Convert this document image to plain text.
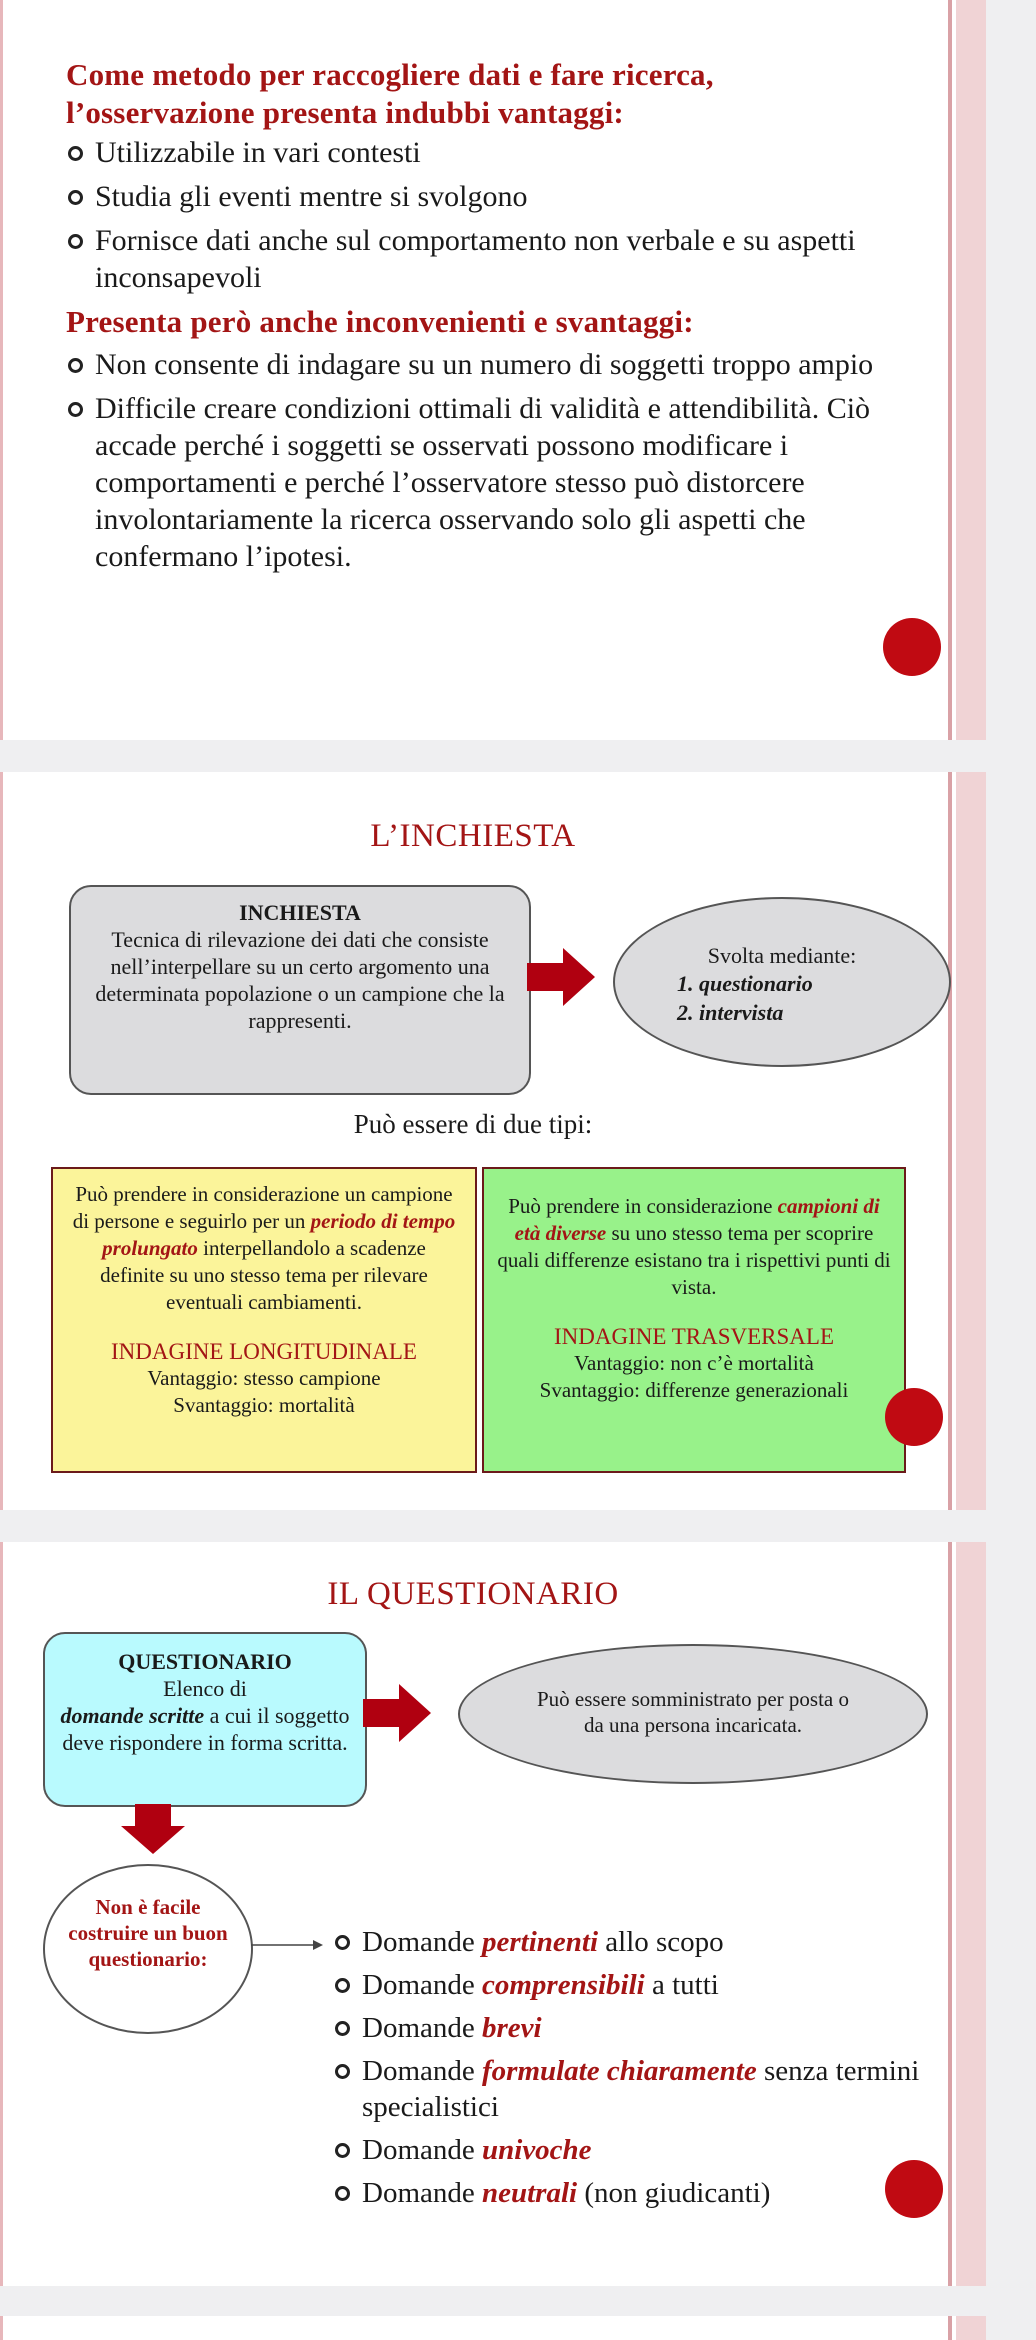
Come metodo per raccogliere dati e fare ricerca,
l’osservazione presenta indubbi vantaggi:
Utilizzabile in vari contesti
Studia gli eventi mentre si svolgono
Fornisce dati anche sul comportamento non verbale e su aspetti inconsapevoli
Presenta però anche inconvenienti e svantaggi:
Non consente di indagare su un numero di soggetti troppo ampio
Difficile creare condizioni ottimali di validità e attendibilità. Ciò accade perché i soggetti se osservati possono modificare i comportamenti e perché l’osservatore stesso può distorcere involontariamente la ricerca osservando solo gli aspetti che confermano l’ipotesi.
L’INCHIESTA
INCHIESTA
Tecnica di rilevazione dei dati che consiste nell’interpellare su un certo argomento una determinata popolazione o un campione che la rappresenti.
Svolta mediante:
1. questionario
2. intervista
Può essere di due tipi:
Può prendere in considerazione un campione di persone e seguirlo per un periodo di tempo prolungato interpellandolo a scadenze definite su uno stesso tema per rilevare eventuali cambiamenti.
INDAGINE LONGITUDINALE
Vantaggio: stesso campione
Svantaggio: mortalità
Può prendere in considerazione campioni di età diverse su uno stesso tema per scoprire quali differenze esistano tra i rispettivi punti di vista.
INDAGINE TRASVERSALE
Vantaggio: non c’è mortalità
Svantaggio: differenze generazionali
IL QUESTIONARIO
QUESTIONARIO
Elenco di
domande scritte a cui il soggetto deve rispondere in forma scritta.
Può essere somministrato per posta o da una persona incaricata.
Non è facile costruire un buon questionario:
Domande pertinenti allo scopo
Domande comprensibili a tutti
Domande brevi
Domande formulate chiaramente senza termini specialistici
Domande univoche
Domande neutrali (non giudicanti)
